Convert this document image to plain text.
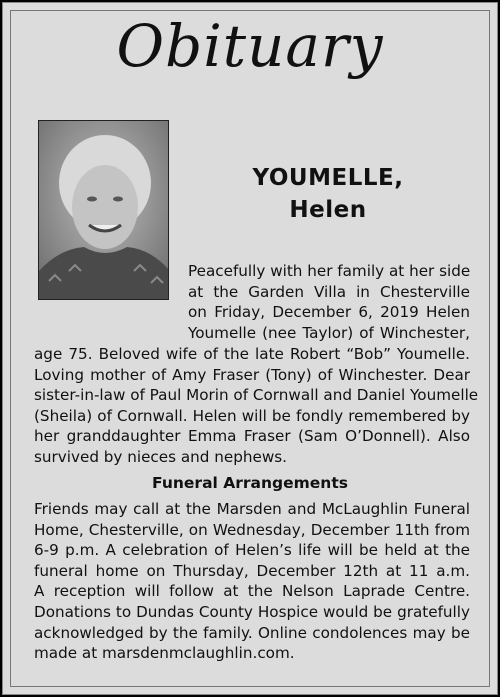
Obituary
YOUMELLE,
Helen
Peacefully with her family at her side
at the Garden Villa in Chesterville
on Friday, December 6, 2019 Helen
Youmelle (nee Taylor) of Winchester,
age 75. Beloved wife of the late Robert “Bob” Youmelle.
Loving mother of Amy Fraser (Tony) of Winchester. Dear
sister-in-law of Paul Morin of Cornwall and Daniel Youmelle
(Sheila) of Cornwall. Helen will be fondly remembered by
her granddaughter Emma Fraser (Sam O’Donnell). Also
survived by nieces and nephews.
Funeral Arrangements
Friends may call at the Marsden and McLaughlin Funeral
Home, Chesterville, on Wednesday, December 11th from
6-9 p.m. A celebration of Helen’s life will be held at the
funeral home on Thursday, December 12th at 11 a.m.
A reception will follow at the Nelson Laprade Centre.
Donations to Dundas County Hospice would be gratefully
acknowledged by the family. Online condolences may be
made at marsdenmclaughlin.com.
